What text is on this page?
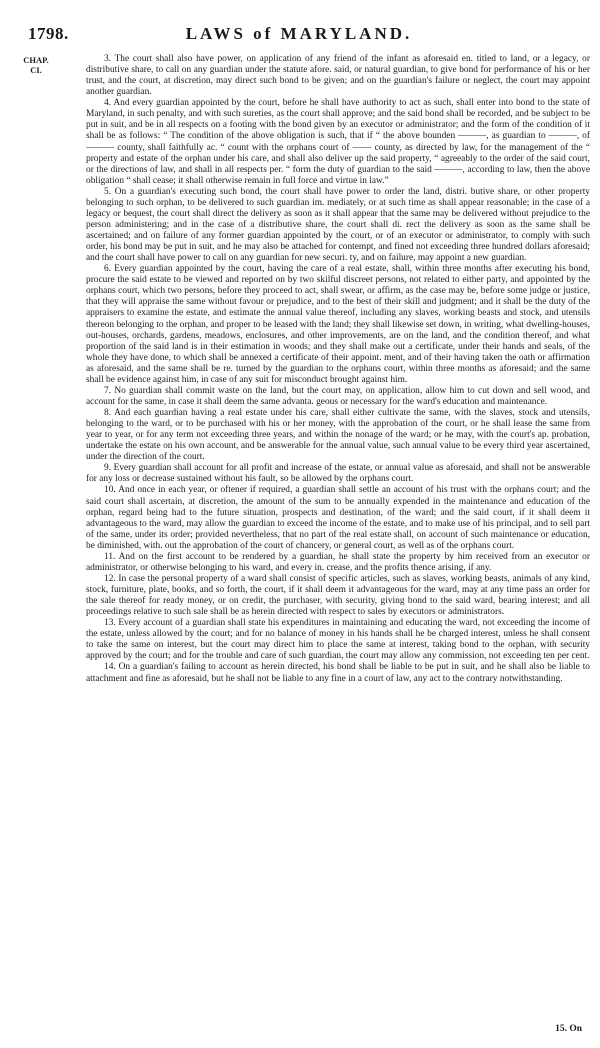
1798.	LAWS of MARYLAND.
CHAP.
CI.

3. The court shall also have power, on application of any friend of the infant as aforesaid en. titled to land, or a legacy, or distributive share, to call on any guardian under the statute afore. said, or natural guardian, to give bond for performance of his or her trust, and the court, at discretion, may direct such bond to be given; and on the guardian's failure or neglect, the court may appoint another guardian.

4. And every guardian appointed by the court, before he shall have authority to act as such, shall enter into bond to the state of Maryland, in such penalty, and with such sureties, as the court shall approve; and the said bond shall be recorded, and be subject to be put in suit, and be in all respects on a footing with the bond given by an executor or administrator; and the form of the condition of it shall be as follows: “ The condition of the above obligation is such, that if “ the above bounden ———, as guardian to ———, of ——— county, shall faithfully ac. “ count with the orphans court of —— county, as directed by law, for the management of the “ property and estate of the orphan under his care, and shall also deliver up the said property, “ agreeably to the order of the said court, or the directions of law, and shall in all respects per. “ form the duty of guardian to the said ———, according to law, then the above obligation “ shall cease; it shall otherwise remain in full force and virtue in law.”

5. On a guardian's executing such bond, the court shall have power to order the land, distri. butive share, or other property belonging to such orphan, to be delivered to such guardian im. mediately, or at such time as shall appear reasonable; in the case of a legacy or bequest, the court shall direct the delivery as soon as it shall appear that the same may be delivered without prejudice to the person administering; and in the case of a distributive share, the court shall di. rect the delivery as soon as the same shall be ascertained; and on failure of any former guardian appointed by the court, or of an executor or administrator, to comply with such order, his bond may be put in suit, and he may also be attached for contempt, and fined not exceeding three hundred dollars aforesaid; and the court shall have power to call on any guardian for new securi. ty, and on failure, may appoint a new guardian.

6. Every guardian appointed by the court, having the care of a real estate, shall, within three months after executing his bond, procure the said estate to be viewed and reported on by two skilful discreet persons, not related to either party, and appointed by the orphans court, which two persons, before they proceed to act, shall swear, or affirm, as the case may be, before some judge or justice, that they will appraise the same without favour or prejudice, and to the best of their skill and judgment; and it shall be the duty of the appraisers to examine the estate, and estimate the annual value thereof, including any slaves, working beasts and stock, and utensils thereon belonging to the orphan, and proper to be leased with the land; they shall likewise set down, in writing, what dwelling-houses, out-houses, orchards, gardens, meadows, enclosures, and other improvements, are on the land, and the condition thereof, and what proportion of the said land is in their estimation in woods; and they shall make out a certificate, under their hands and seals, of the whole they have done, to which shall be annexed a certificate of their appoint. ment, and of their having taken the oath or affirmation as aforesaid, and the same shall be re. turned by the guardian to the orphans court, within three months as aforesaid; and the same shall be evidence against him, in case of any suit for misconduct brought against him.

7. No guardian shall commit waste on the land, but the court may, on application, allow him to cut down and sell wood, and account for the same, in case it shall deem the same advanta. geous or necessary for the ward's education and maintenance.

8. And each guardian having a real estate under his care, shall either cultivate the same, with the slaves, stock and utensils, belonging to the ward, or to be purchased with his or her money, with the approbation of the court, or he shall lease the same from year to year, or for any term not exceeding three years, and within the nonage of the ward; or he may, with the court's ap. probation, undertake the estate on his own account, and be answerable for the annual value, such annual value to be every third year ascertained, under the direction of the court.

9. Every guardian shall account for all profit and increase of the estate, or annual value as aforesaid, and shall not be answerable for any loss or decrease sustained without his fault, so be allowed by the orphans court.

10. And once in each year, or oftener if required, a guardian shall settle an account of his trust with the orphans court; and the said court shall ascertain, at discretion, the amount of the sum to be annually expended in the maintenance and education of the orphan, regard being had to the future situation, prospects and destination, of the ward; and the said court, if it shall deem it advantageous to the ward, may allow the guardian to exceed the income of the estate, and to make use of his principal, and to sell part of the same, under its order; provided nevertheless, that no part of the real estate shall, on account of such maintenance or education, be diminished, with. out the approbation of the court of chancery, or general court, as well as of the orphans court.

11. And on the first account to be rendered by a guardian, he shall state the property by him received from an executor or administrator, or otherwise belonging to his ward, and every in. crease, and the profits thence arising, if any.

12. In case the personal property of a ward shall consist of specific articles, such as slaves, working beasts, animals of any kind, stock, furniture, plate, books, and so forth, the court, if it shall deem it advantageous for the ward, may at any time pass an order for the sale thereof for ready money, or on credit, the purchaser, with security, giving bond to the said ward, bearing interest; and all proceedings relative to such sale shall be as herein directed with respect to sales by executors or administrators.

13. Every account of a guardian shall state his expenditures in maintaining and educating the ward, not exceeding the income of the estate, unless allowed by the court; and for no balance of money in his hands shall he be charged interest, unless he shall consent to take the same on interest, but the court may direct him to place the same at interest, taking bond to the orphan, with security approved by the court; and for the trouble and care of such guardian, the court may allow any commission, not exceeding ten per cent.

14. On a guardian's failing to account as herein directed, his bond shall be liable to be put in suit, and he shall also be liable to attachment and fine as aforesaid, but he shall not be liable to any fine in a court of law, any act to the contrary notwithstanding.

15. On
